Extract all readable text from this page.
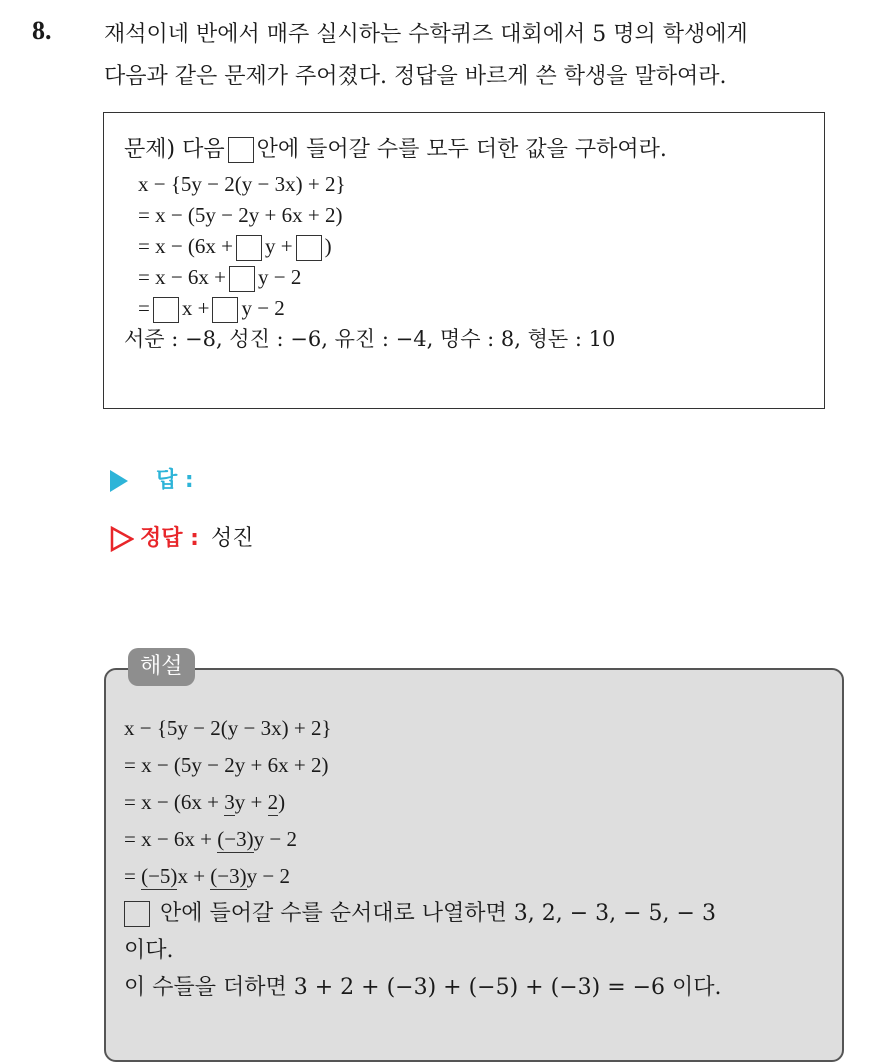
8. 재석이네 반에서 매주 실시하는 수학퀴즈 대회에서 5 명의 학생에게
다음과 같은 문제가 주어졌다. 정답을 바르게 쓴 학생을 말하여라.
문제) 다음 안에 들어갈 수를 모두 더한 값을 구하여라.
x − {5y − 2(y − 3x) + 2}
= x − (5y − 2y + 6x + 2)
= x − (6x + y + )
= x − 6x + y − 2
= x + y − 2
서준 : −8, 성진 : −6, 유진 : −4, 명수 : 8, 형돈 : 10
답 :
정답 : 성진
x − {5y − 2(y − 3x) + 2}
= x − (5y − 2y + 6x + 2)
= x − (6x + 3y + 2)
= x − 6x + (−3)y − 2
= (−5)x + (−3)y − 2
안에 들어갈 수를 순서대로 나열하면 3, 2, − 3, − 5, − 3
이다.
이 수들을 더하면 3 + 2 + (−3) + (−5) + (−3) = −6 이다.
해설
